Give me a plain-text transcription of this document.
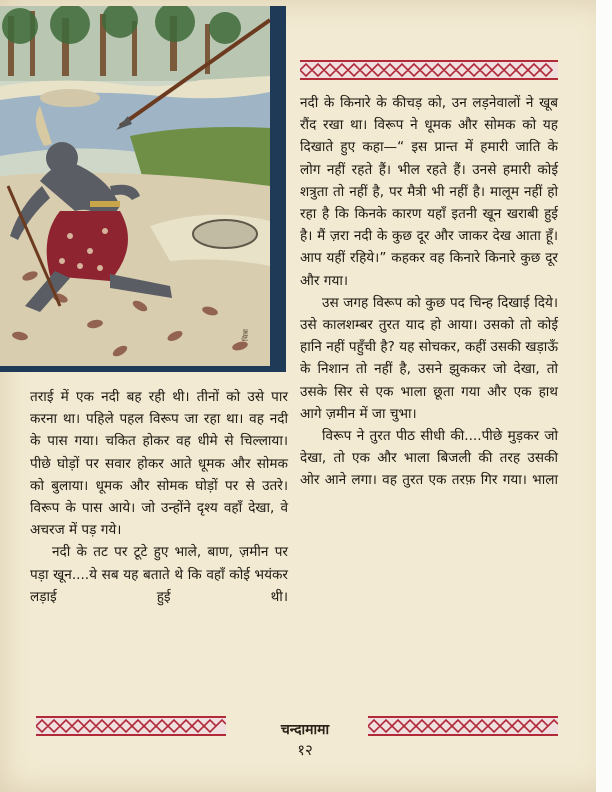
चित्रा

नदी के किनारे के कीचड़ को, उन लड़नेवालों ने खूब रौंद रखा था। विरूप ने धूमक और सोमक को यह दिखाते हुए कहा—“ इस प्रान्त में हमारी जाति के लोग नहीं रहते हैं। भील रहते हैं। उनसे हमारी कोई शत्रुता तो नहीं है, पर मैत्री भी नहीं है। मालूम नहीं हो रहा है कि किनके कारण यहाँ इतनी खून खराबी हुई है। मैं ज़रा नदी के कुछ दूर और जाकर देख आता हूँ। आप यहीं रहिये।” कहकर वह किनारे किनारे कुछ दूर और गया।

उस जगह विरूप को कुछ पद चिन्ह दिखाई दिये। उसे कालशम्बर तुरत याद हो आया। उसको तो कोई हानि नहीं पहुँची है? यह सोचकर, कहीं उसकी खड़ाऊँ के निशान तो नहीं है, उसने झुककर जो देखा, तो उसके सिर से एक भाला छूता गया और एक हाथ आगे ज़मीन में जा चुभा।

विरूप ने तुरत पीठ सीधी की....पीछे मुड़कर जो देखा, तो एक और भाला बिजली की तरह उसकी ओर आने लगा। वह तुरत एक तरफ़ गिर गया। भाला

तराई में एक नदी बह रही थी। तीनों को उसे पार करना था। पहिले पहल विरूप जा रहा था। वह नदी के पास गया। चकित होकर वह धीमे से चिल्लाया। पीछे घोड़ों पर सवार होकर आते धूमक और सोमक को बुलाया। धूमक और सोमक घोड़ों पर से उतरे। विरूप के पास आये। जो उन्होंने दृश्य वहाँ देखा, वे अचरज में पड़ गये।

नदी के तट पर टूटे हुए भाले, बाण, ज़मीन पर पड़ा खून....ये सब यह बताते थे कि वहाँ कोई भयंकर लड़ाई हुई थी।

चन्दामामा
१२
